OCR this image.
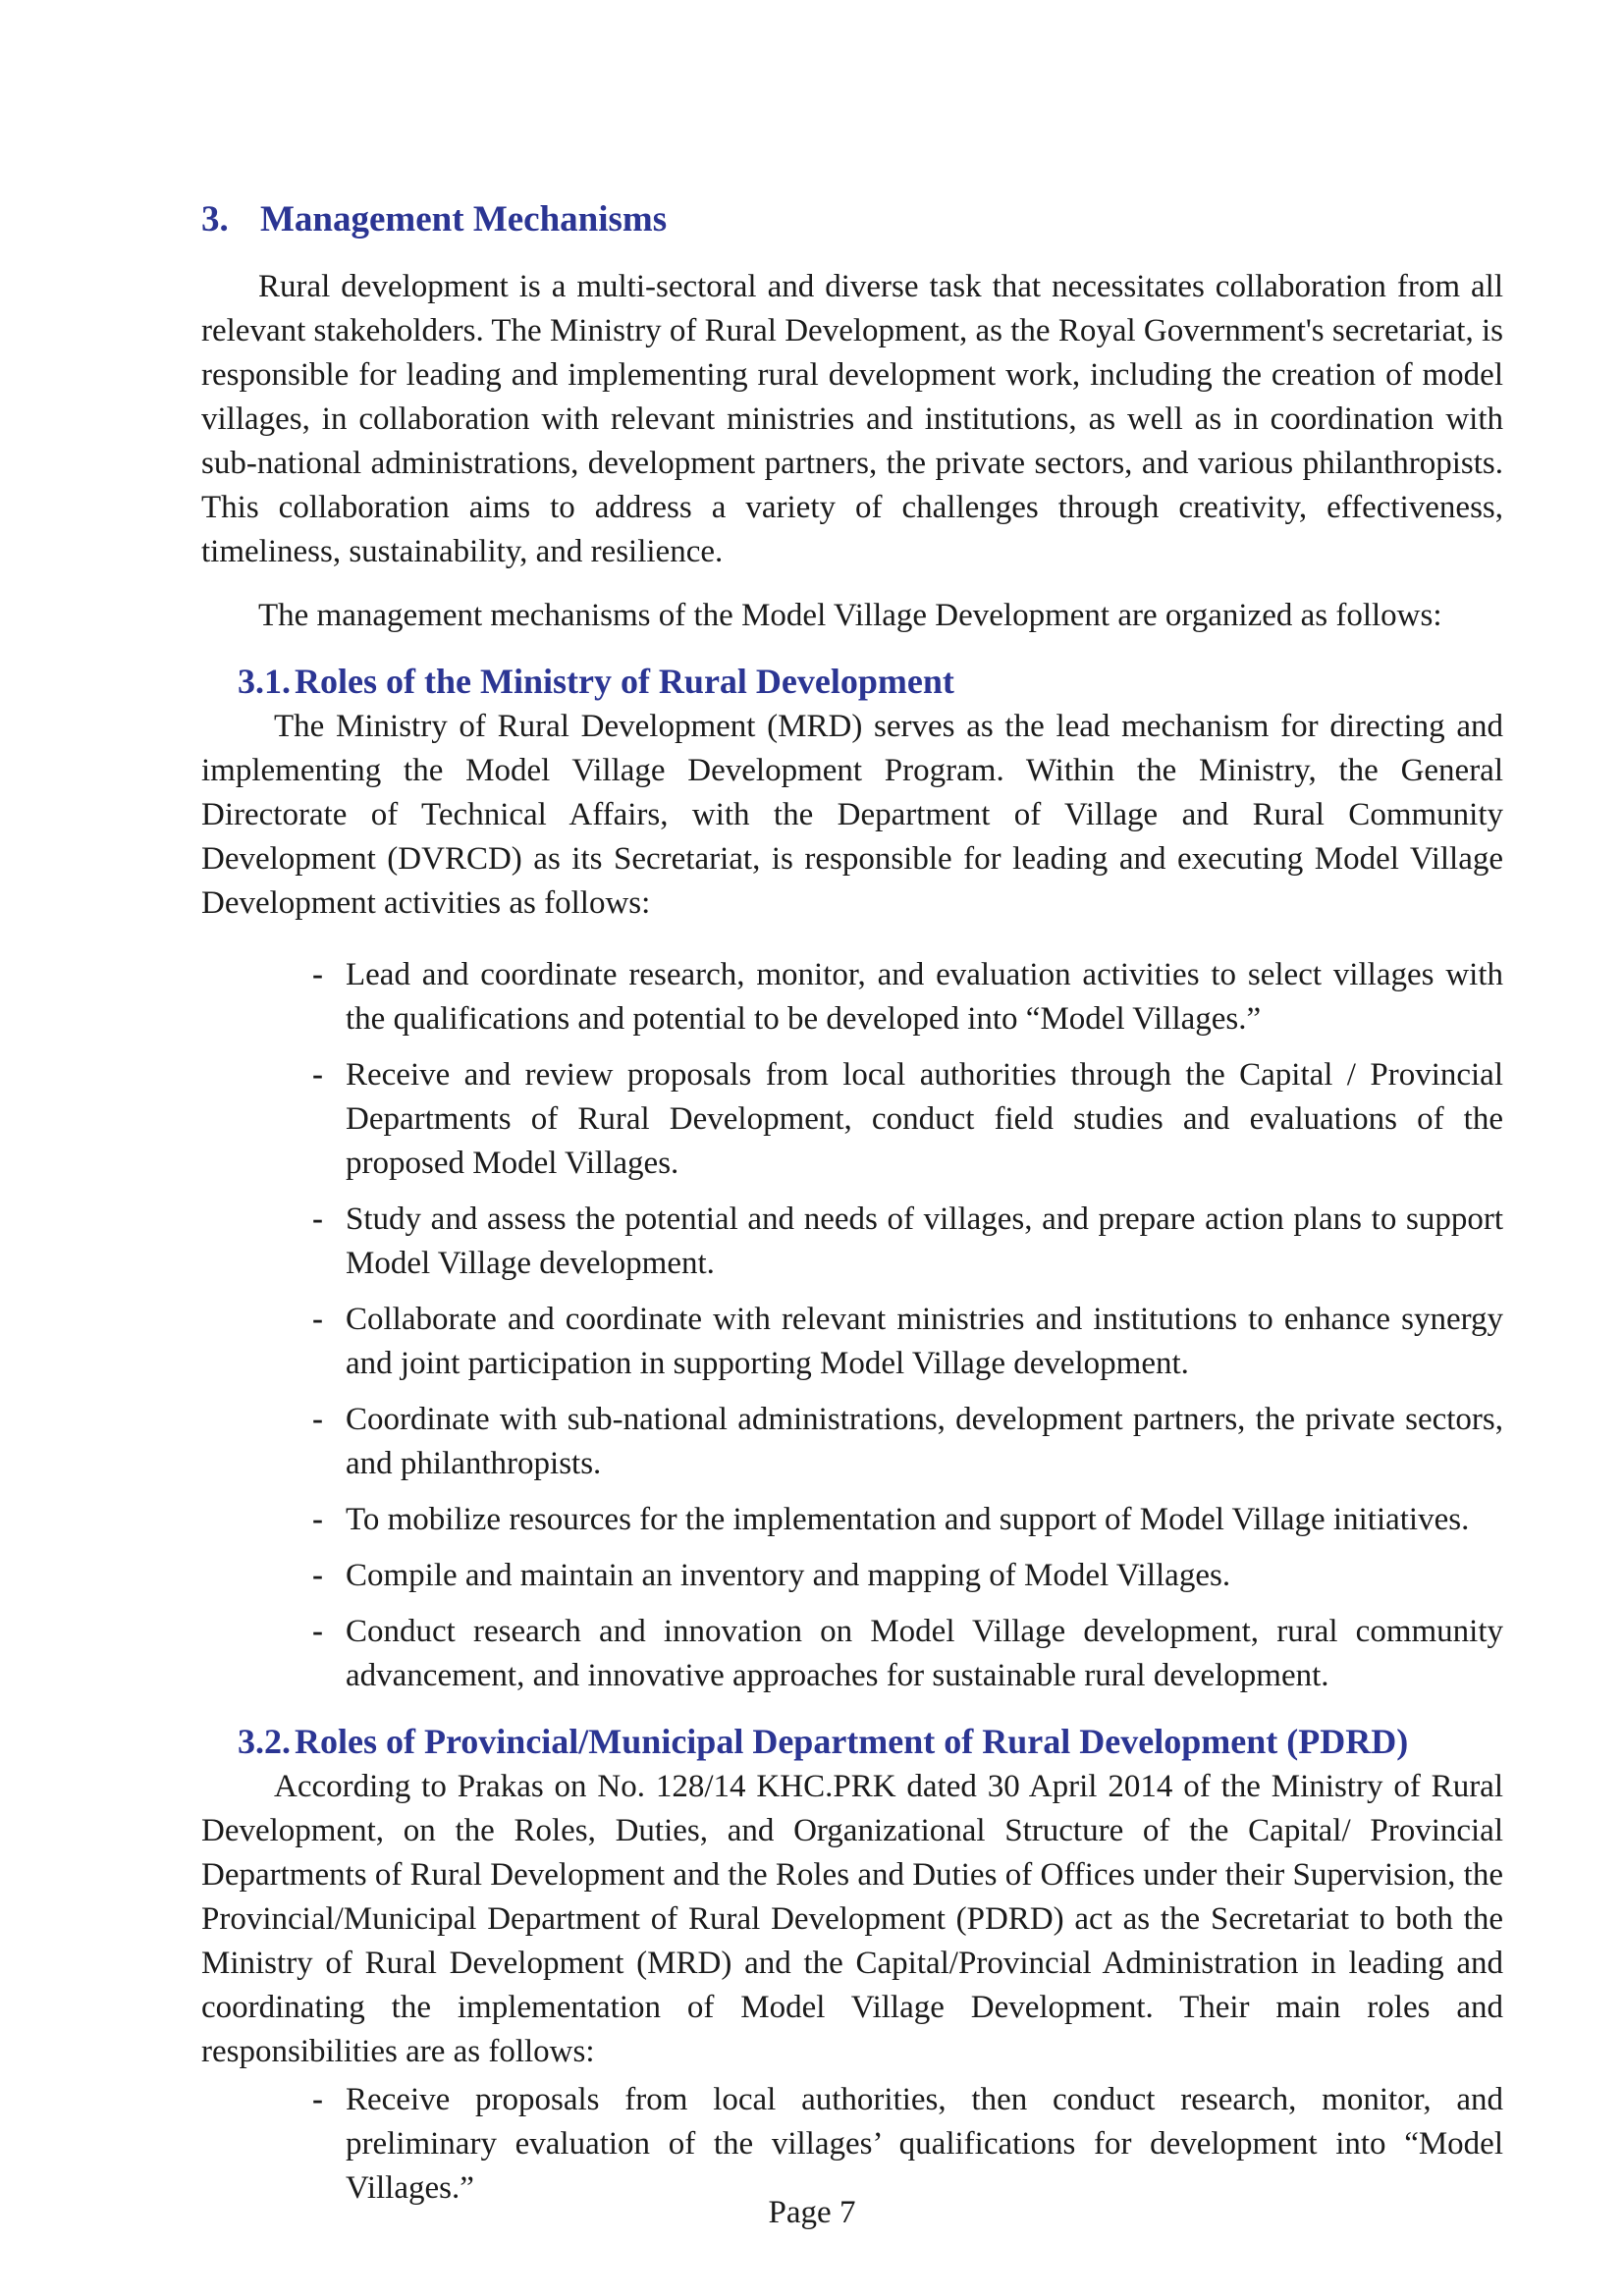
3. Management Mechanisms

Rural development is a multi-sectoral and diverse task that necessitates collaboration from all relevant stakeholders. The Ministry of Rural Development, as the Royal Government's secretariat, is responsible for leading and implementing rural development work, including the creation of model villages, in collaboration with relevant ministries and institutions, as well as in coordination with sub-national administrations, development partners, the private sectors, and various philanthropists. This collaboration aims to address a variety of challenges through creativity, effectiveness, timeliness, sustainability, and resilience.

The management mechanisms of the Model Village Development are organized as follows:

3.1. Roles of the Ministry of Rural Development

The Ministry of Rural Development (MRD) serves as the lead mechanism for directing and implementing the Model Village Development Program. Within the Ministry, the General Directorate of Technical Affairs, with the Department of Village and Rural Community Development (DVRCD) as its Secretariat, is responsible for leading and executing Model Village Development activities as follows:

- Lead and coordinate research, monitor, and evaluation activities to select villages with the qualifications and potential to be developed into “Model Villages.”
- Receive and review proposals from local authorities through the Capital / Provincial Departments of Rural Development, conduct field studies and evaluations of the proposed Model Villages.
- Study and assess the potential and needs of villages, and prepare action plans to support Model Village development.
- Collaborate and coordinate with relevant ministries and institutions to enhance synergy and joint participation in supporting Model Village development.
- Coordinate with sub-national administrations, development partners, the private sectors, and philanthropists.
- To mobilize resources for the implementation and support of Model Village initiatives.
- Compile and maintain an inventory and mapping of Model Villages.
- Conduct research and innovation on Model Village development, rural community advancement, and innovative approaches for sustainable rural development.
3.2. Roles of Provincial/Municipal Department of Rural Development (PDRD)

According to Prakas on No. 128/14 KHC.PRK dated 30 April 2014 of the Ministry of Rural Development, on the Roles, Duties, and Organizational Structure of the Capital/ Provincial Departments of Rural Development and the Roles and Duties of Offices under their Supervision, the Provincial/Municipal Department of Rural Development (PDRD) act as the Secretariat to both the Ministry of Rural Development (MRD) and the Capital/Provincial Administration in leading and coordinating the implementation of Model Village Development. Their main roles and responsibilities are as follows:

- Receive proposals from local authorities, then conduct research, monitor, and preliminary evaluation of the villages’ qualifications for development into “Model Villages.”
Page 7
